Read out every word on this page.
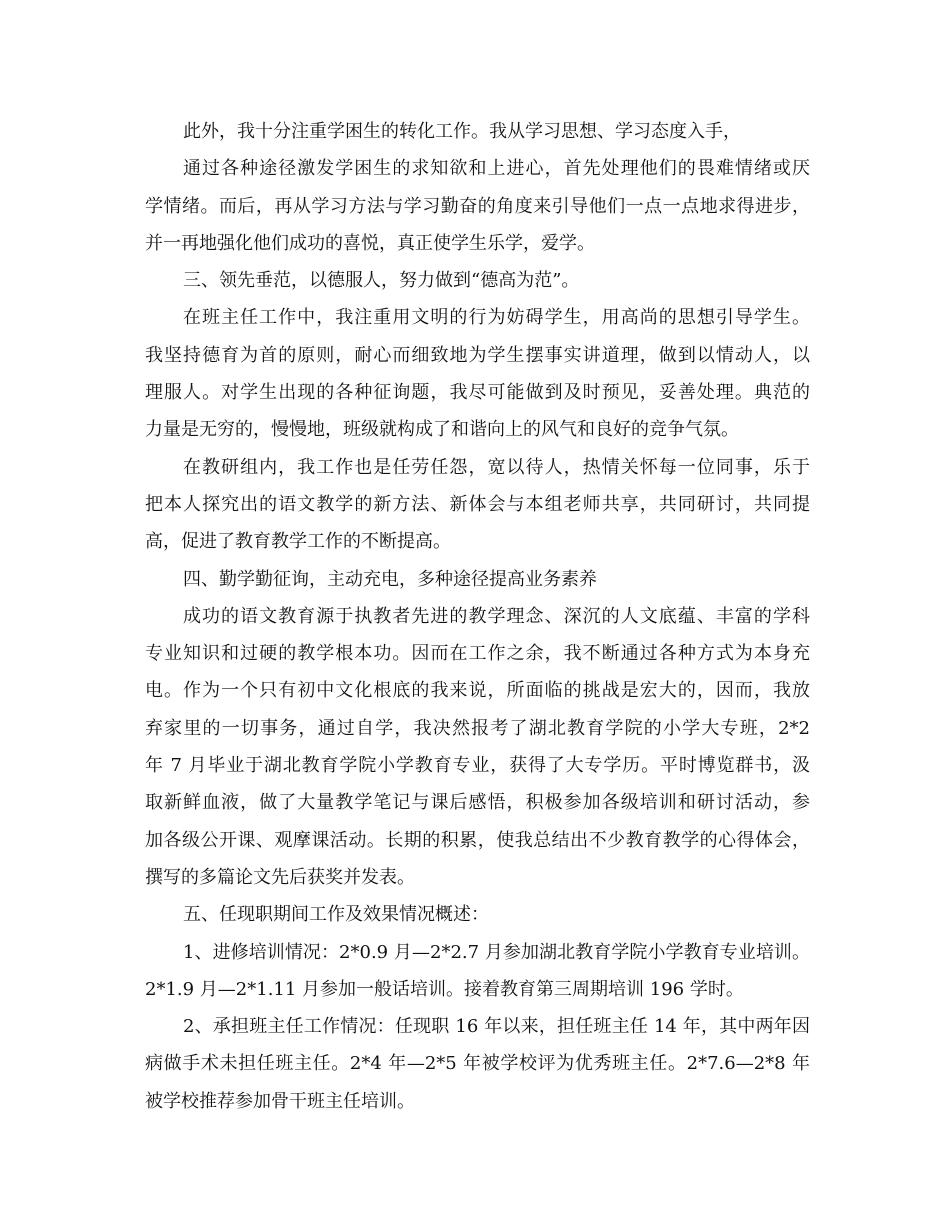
此外，我十分注重学困生的转化工作。我从学习思想、学习态度入手，
通过各种途径激发学困生的求知欲和上进心，首先处理他们的畏难情绪或厌
学情绪。而后，再从学习方法与学习勤奋的角度来引导他们一点一点地求得进步，
并一再地强化他们成功的喜悦，真正使学生乐学，爱学。
三、领先垂范，以德服人，努力做到“德高为范”。
在班主任工作中，我注重用文明的行为妨碍学生，用高尚的思想引导学生。
我坚持德育为首的原则，耐心而细致地为学生摆事实讲道理，做到以情动人，以
理服人。对学生出现的各种征询题，我尽可能做到及时预见，妥善处理。典范的
力量是无穷的，慢慢地，班级就构成了和谐向上的风气和良好的竞争气氛。
在教研组内，我工作也是任劳任怨，宽以待人，热情关怀每一位同事，乐于
把本人探究出的语文教学的新方法、新体会与本组老师共享，共同研讨，共同提
高，促进了教育教学工作的不断提高。
四、勤学勤征询，主动充电，多种途径提高业务素养
成功的语文教育源于执教者先进的教学理念、深沉的人文底蕴、丰富的学科
专业知识和过硬的教学根本功。因而在工作之余，我不断通过各种方式为本身充
电。作为一个只有初中文化根底的我来说，所面临的挑战是宏大的，因而，我放
弃家里的一切事务，通过自学，我决然报考了湖北教育学院的小学大专班，2*2
年 7 月毕业于湖北教育学院小学教育专业，获得了大专学历。平时博览群书，汲
取新鲜血液，做了大量教学笔记与课后感悟，积极参加各级培训和研讨活动，参
加各级公开课、观摩课活动。长期的积累，使我总结出不少教育教学的心得体会，
撰写的多篇论文先后获奖并发表。
五、任现职期间工作及效果情况概述：
1、进修培训情况：2*0.9 月—2*2.7 月参加湖北教育学院小学教育专业培训。
2*1.9 月—2*1.11 月参加一般话培训。接着教育第三周期培训 196 学时。
2、承担班主任工作情况：任现职 16 年以来，担任班主任 14 年，其中两年因
病做手术未担任班主任。2*4 年—2*5 年被学校评为优秀班主任。2*7.6—2*8 年
被学校推荐参加骨干班主任培训。
